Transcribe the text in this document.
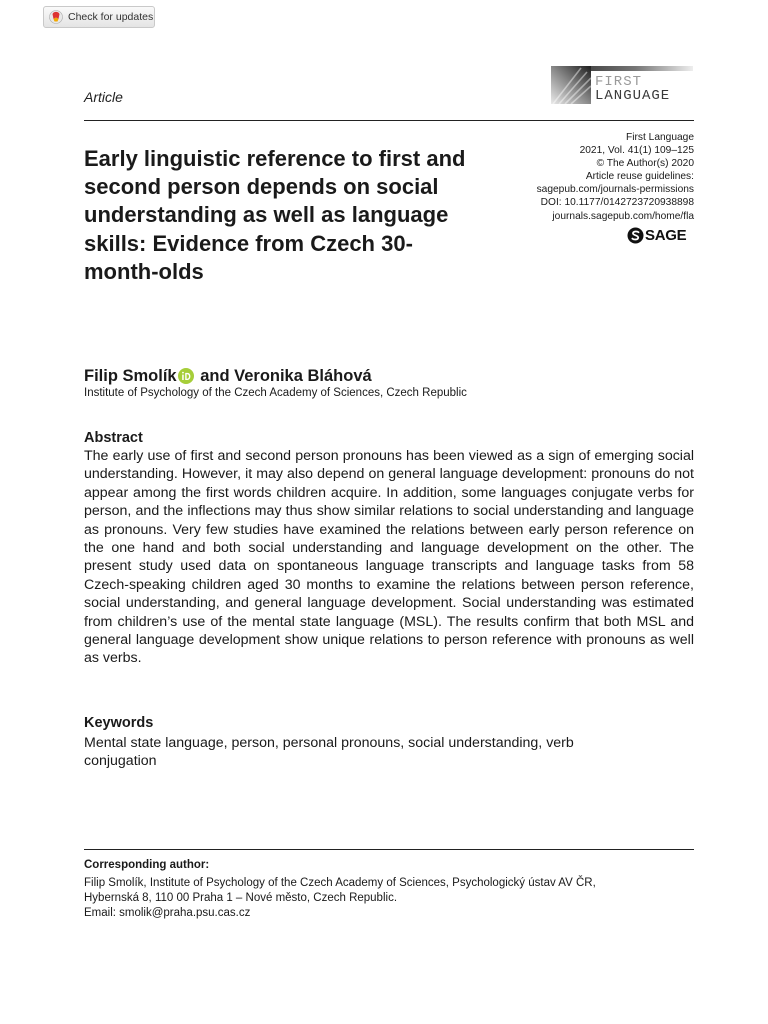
Check for updates
FIRST
LANGUAGE
Article
Early linguistic reference to first and second person depends on social understanding as well as language skills: Evidence from Czech 30-month-olds
First Language
2021, Vol. 41(1) 109–125
© The Author(s) 2020
Article reuse guidelines:
sagepub.com/journals-permissions
DOI: 10.1177/0142723720938898
journals.sagepub.com/home/fla
SAGE
Filip Smolík and Veronika Bláhová
Institute of Psychology of the Czech Academy of Sciences, Czech Republic
Abstract
The early use of first and second person pronouns has been viewed as a sign of emerging social understanding. However, it may also depend on general language development: pronouns do not appear among the first words children acquire. In addition, some languages conjugate verbs for person, and the inflections may thus show similar relations to social understanding and language as pronouns. Very few studies have examined the relations between early person reference on the one hand and both social understanding and language development on the other. The present study used data on spontaneous language transcripts and language tasks from 58 Czech-speaking children aged 30 months to examine the relations between person reference, social understanding, and general language development. Social understanding was estimated from children’s use of the mental state language (MSL). The results confirm that both MSL and general language development show unique relations to person reference with pronouns as well as verbs.
Keywords
Mental state language, person, personal pronouns, social understanding, verb conjugation
Corresponding author:
Filip Smolík, Institute of Psychology of the Czech Academy of Sciences, Psychologický ústav AV ČR,
Hybernská 8, 110 00 Praha 1 – Nové město, Czech Republic.
Email: smolik@praha.psu.cas.cz
